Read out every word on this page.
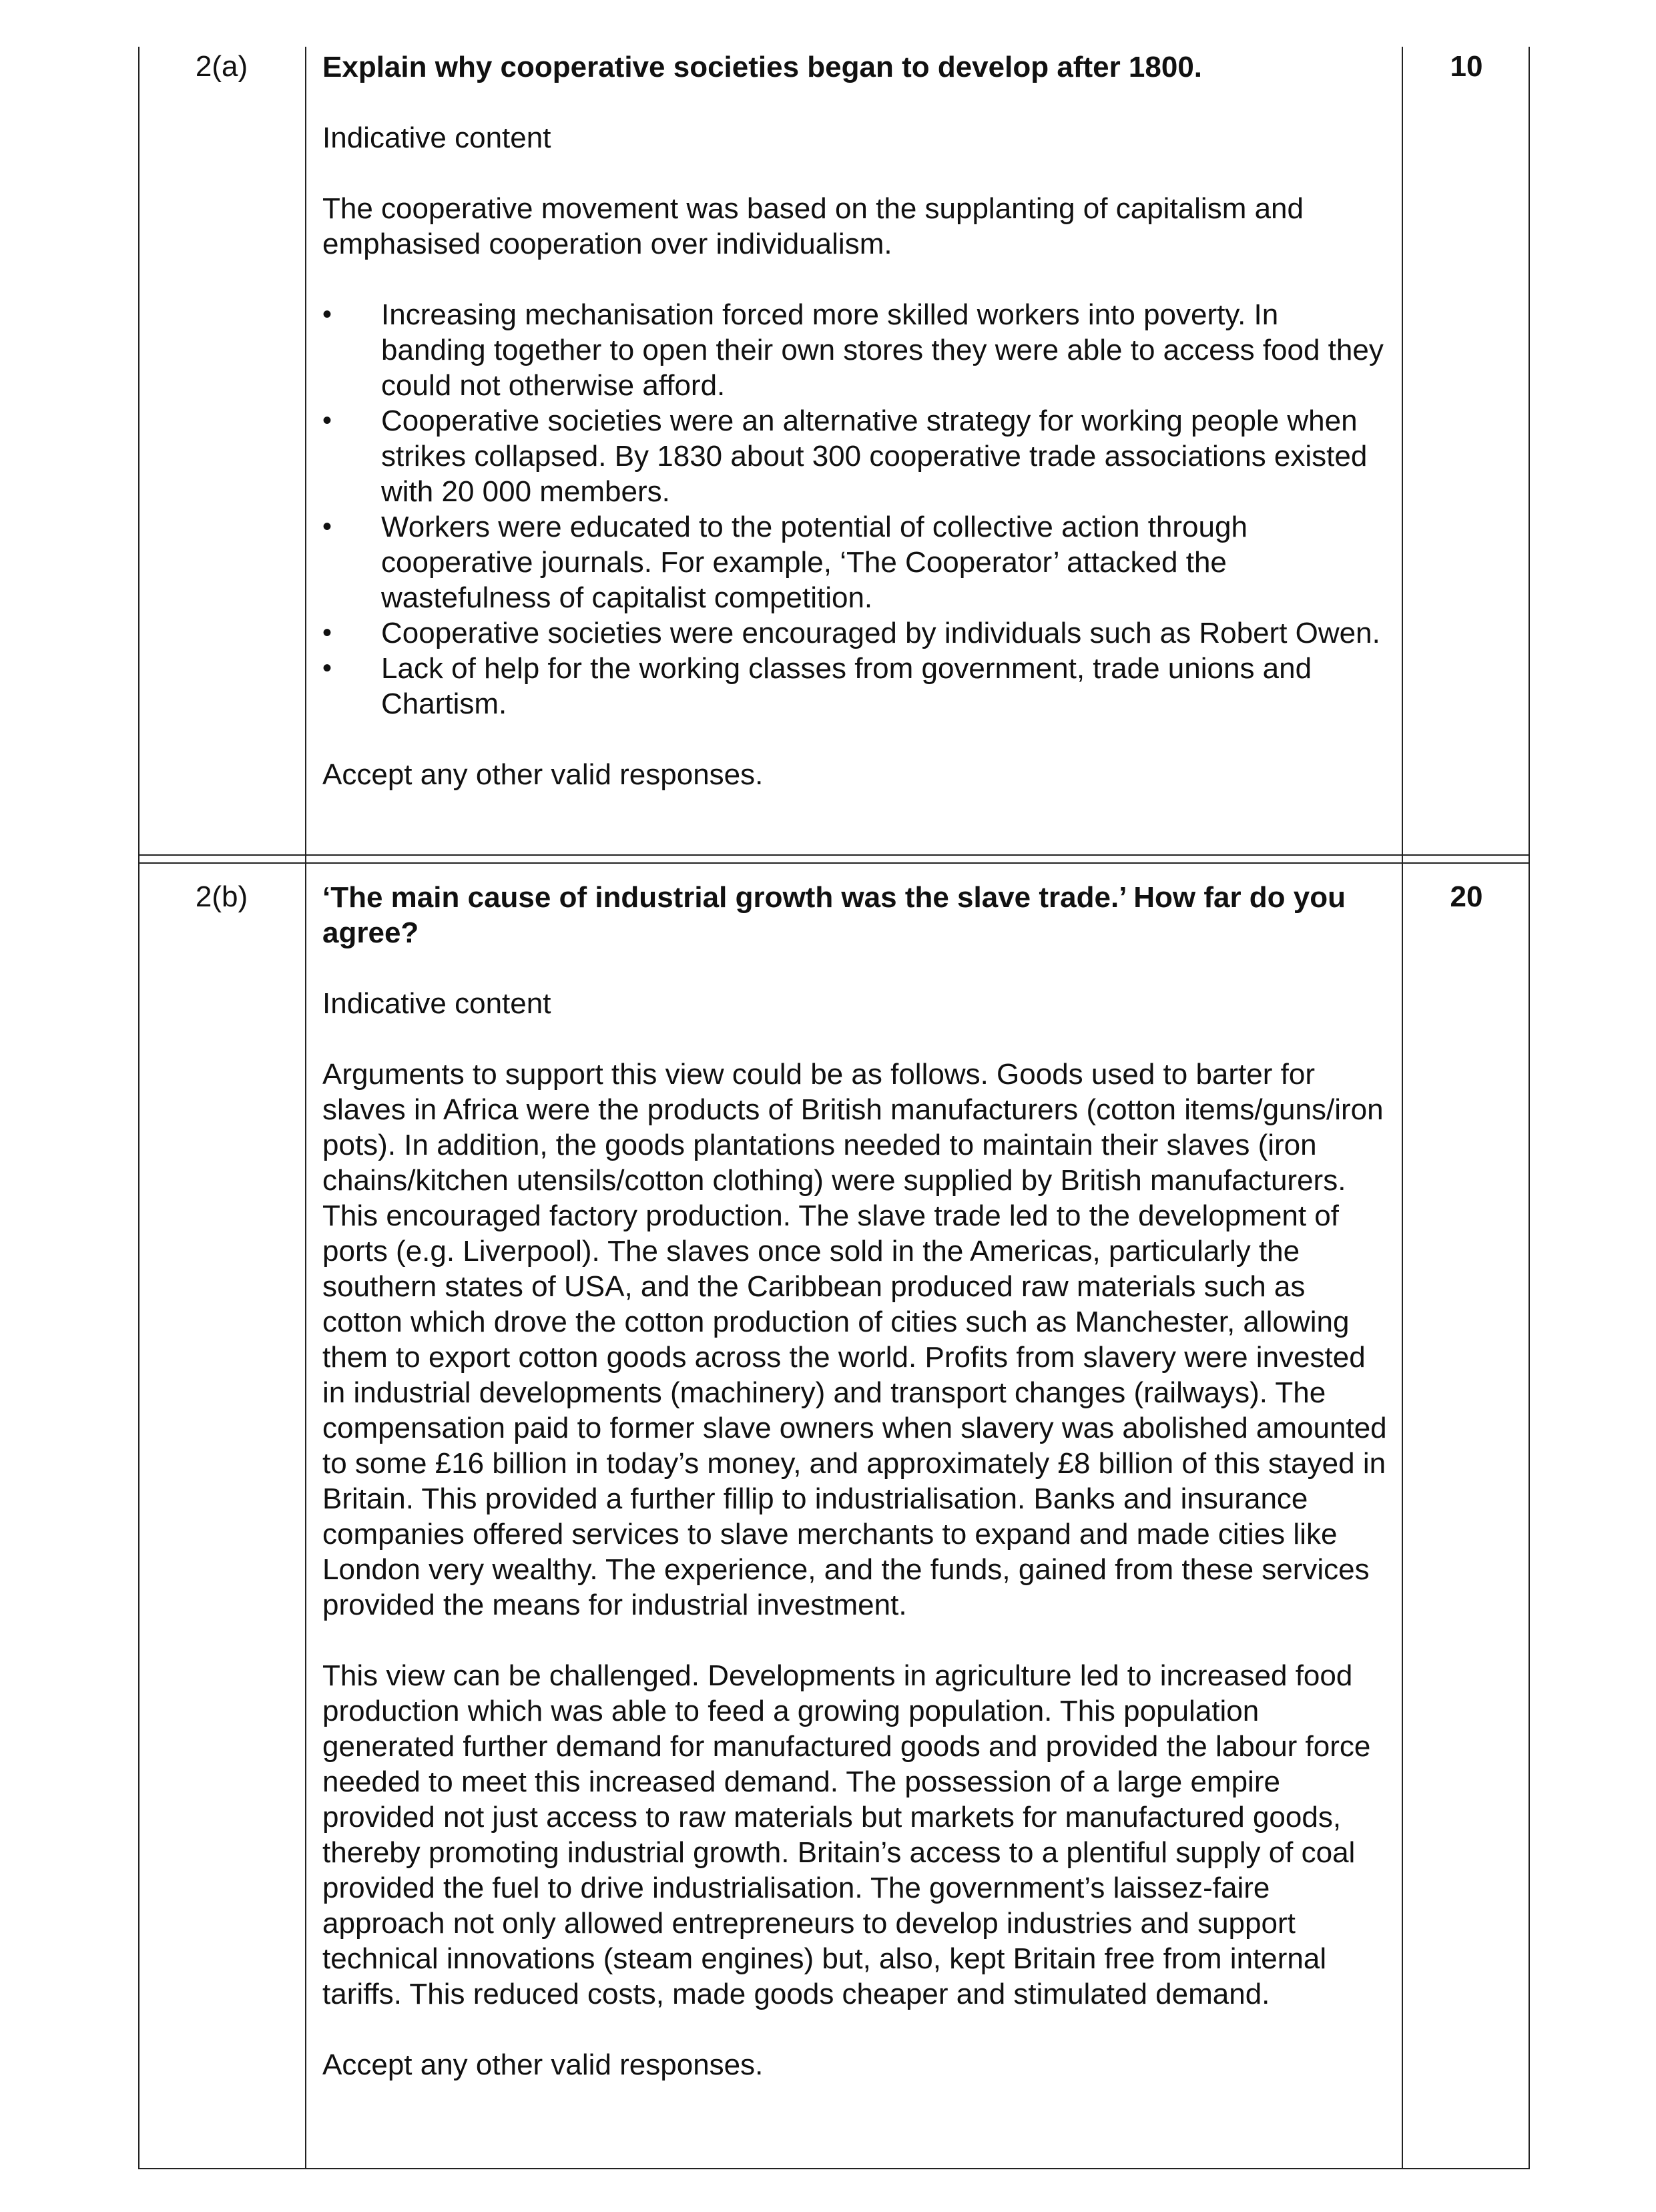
2(a)	Explain why cooperative societies began to develop after 1800.

Indicative content

The cooperative movement was based on the supplanting of capitalism and emphasised cooperation over individualism.

• Increasing mechanisation forced more skilled workers into poverty. In banding together to open their own stores they were able to access food they could not otherwise afford.
• Cooperative societies were an alternative strategy for working people when strikes collapsed. By 1830 about 300 cooperative trade associations existed with 20 000 members.
• Workers were educated to the potential of collective action through cooperative journals. For example, ‘The Cooperator’ attacked the wastefulness of capitalist competition.
• Cooperative societies were encouraged by individuals such as Robert Owen.
• Lack of help for the working classes from government, trade unions and Chartism.

Accept any other valid responses.

10
2(b)	‘The main cause of industrial growth was the slave trade.’ How far do you agree?

Indicative content

Arguments to support this view could be as follows. Goods used to barter for slaves in Africa were the products of British manufacturers (cotton items/guns/iron pots). In addition, the goods plantations needed to maintain their slaves (iron chains/kitchen utensils/cotton clothing) were supplied by British manufacturers. This encouraged factory production. The slave trade led to the development of ports (e.g. Liverpool). The slaves once sold in the Americas, particularly the southern states of USA, and the Caribbean produced raw materials such as cotton which drove the cotton production of cities such as Manchester, allowing them to export cotton goods across the world. Profits from slavery were invested in industrial developments (machinery) and transport changes (railways). The compensation paid to former slave owners when slavery was abolished amounted to some £16 billion in today’s money, and approximately £8 billion of this stayed in Britain. This provided a further fillip to industrialisation. Banks and insurance companies offered services to slave merchants to expand and made cities like London very wealthy. The experience, and the funds, gained from these services provided the means for industrial investment.

This view can be challenged. Developments in agriculture led to increased food production which was able to feed a growing population. This population generated further demand for manufactured goods and provided the labour force needed to meet this increased demand. The possession of a large empire provided not just access to raw materials but markets for manufactured goods, thereby promoting industrial growth. Britain’s access to a plentiful supply of coal provided the fuel to drive industrialisation. The government’s laissez-faire approach not only allowed entrepreneurs to develop industries and support technical innovations (steam engines) but, also, kept Britain free from internal tariffs. This reduced costs, made goods cheaper and stimulated demand.

Accept any other valid responses.

20
